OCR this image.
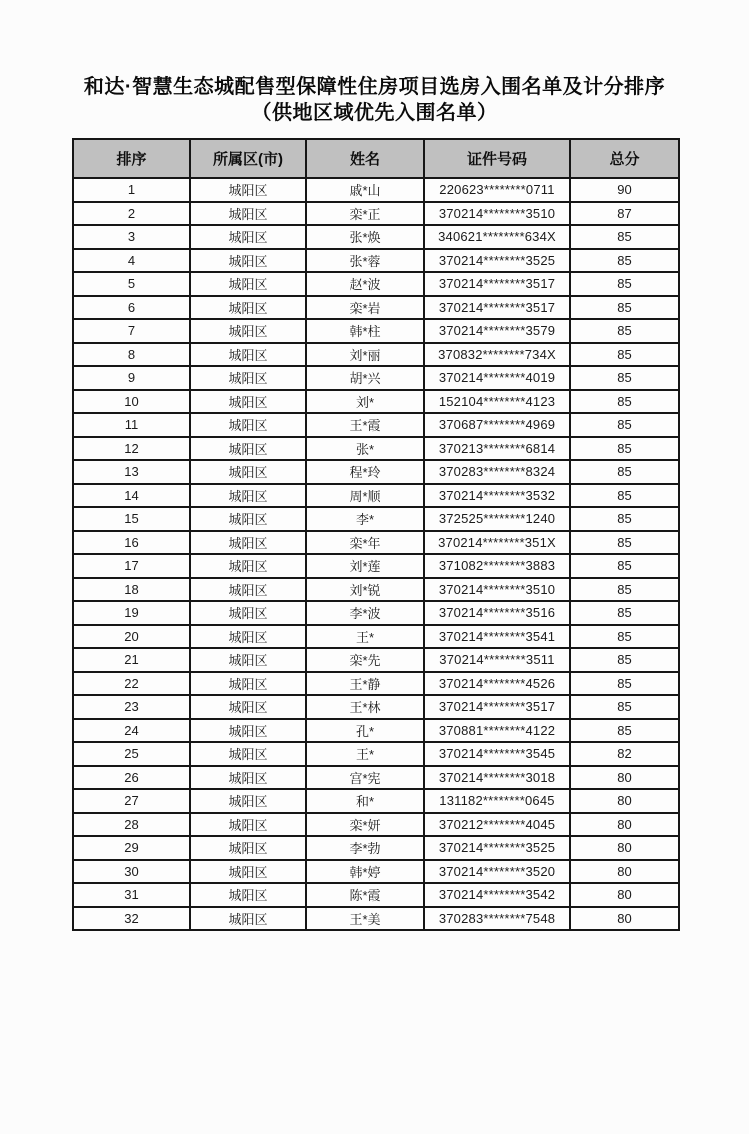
和达·智慧生态城配售型保障性住房项目选房入围名单及计分排序
（供地区域优先入围名单）
排序	所属区(市)	姓名	证件号码	总分
1	城阳区	戚*山	220623********0711	90
2	城阳区	栾*正	370214********3510	87
3	城阳区	张*焕	340621********634X	85
4	城阳区	张*蓉	370214********3525	85
5	城阳区	赵*波	370214********3517	85
6	城阳区	栾*岩	370214********3517	85
7	城阳区	韩*柱	370214********3579	85
8	城阳区	刘*丽	370832********734X	85
9	城阳区	胡*兴	370214********4019	85
10	城阳区	刘*	152104********4123	85
11	城阳区	王*霞	370687********4969	85
12	城阳区	张*	370213********6814	85
13	城阳区	程*玲	370283********8324	85
14	城阳区	周*顺	370214********3532	85
15	城阳区	李*	372525********1240	85
16	城阳区	栾*年	370214********351X	85
17	城阳区	刘*莲	371082********3883	85
18	城阳区	刘*锐	370214********3510	85
19	城阳区	李*波	370214********3516	85
20	城阳区	王*	370214********3541	85
21	城阳区	栾*先	370214********3511	85
22	城阳区	王*静	370214********4526	85
23	城阳区	王*林	370214********3517	85
24	城阳区	孔*	370881********4122	85
25	城阳区	王*	370214********3545	82
26	城阳区	宫*宪	370214********3018	80
27	城阳区	和*	131182********0645	80
28	城阳区	栾*妍	370212********4045	80
29	城阳区	李*勃	370214********3525	80
30	城阳区	韩*婷	370214********3520	80
31	城阳区	陈*霞	370214********3542	80
32	城阳区	王*美	370283********7548	80
